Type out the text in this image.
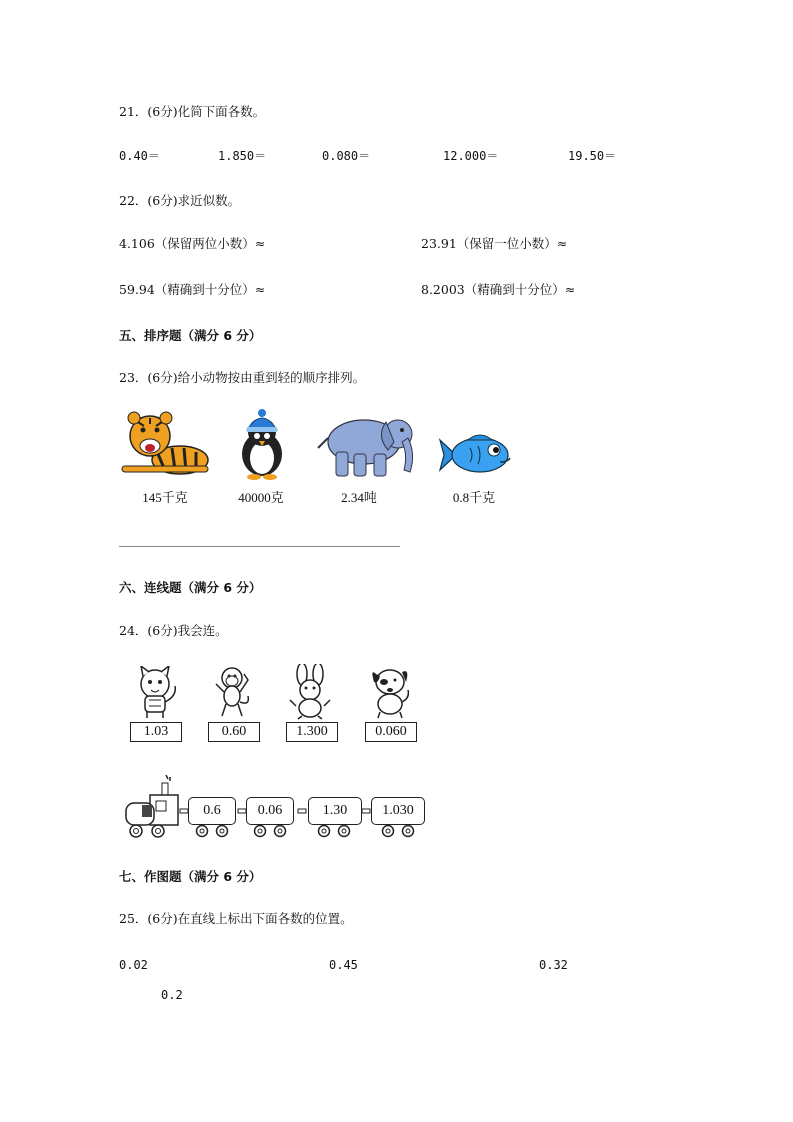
21．(6分)化简下面各数。
0.40＝	1.850＝	0.080＝	12.000＝	19.50＝
22．(6分)求近似数。
4.106（保留两位小数）≈	23.91（保留一位小数）≈
59.94（精确到十分位）≈	8.2003（精确到十分位）≈
五、排序题（满分 6 分）
23．(6分)给小动物按由重到轻的顺序排列。
145千克	40000克	2.34吨	0.8千克
六、连线题（满分 6 分）
24．(6分)我会连。
1.03	0.60	1.300	0.060
0.6	0.06	1.30	1.030
七、作图题（满分 6 分）
25．(6分)在直线上标出下面各数的位置。
0.02	0.45	0.32
0.2
